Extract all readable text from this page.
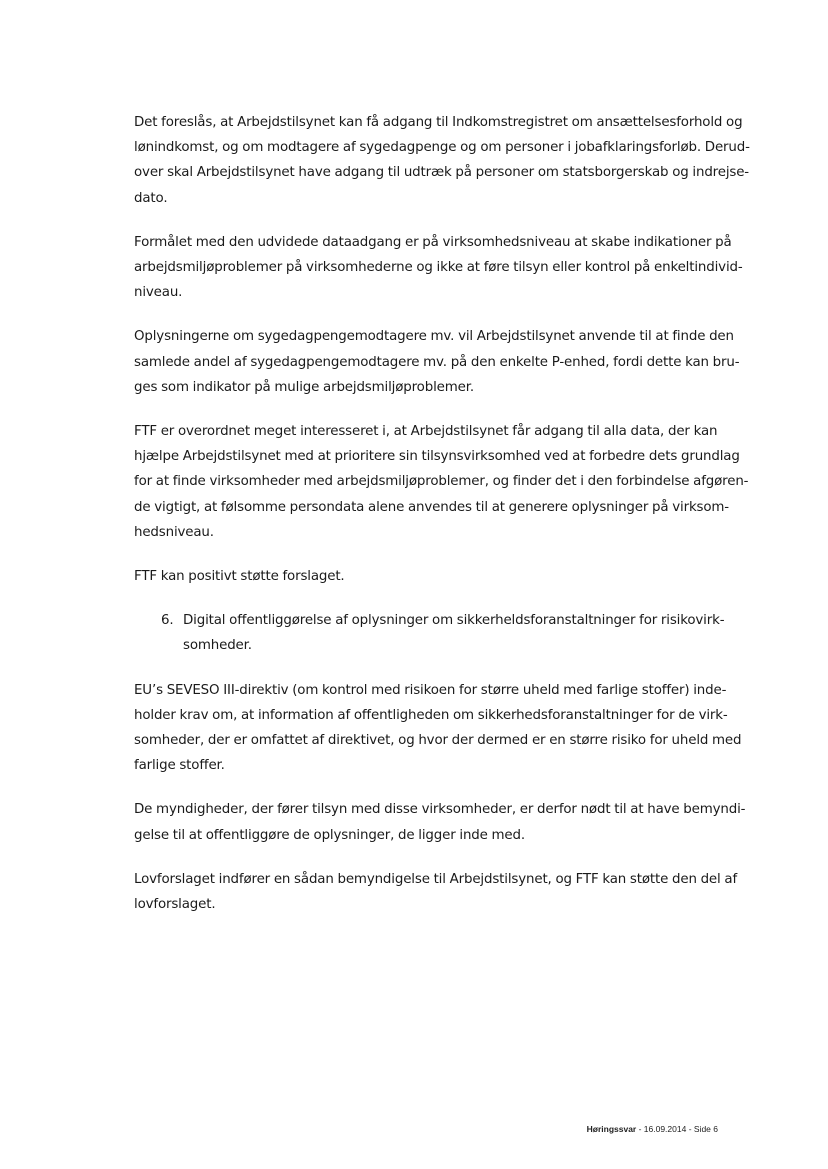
Det foreslås, at Arbejdstilsynet kan få adgang til Indkomstregistret om ansættelsesforhold og
lønindkomst, og om modtagere af sygedagpenge og om personer i jobafklaringsforløb. Derud-
over skal Arbejdstilsynet have adgang til udtræk på personer om statsborgerskab og indrejse-
dato.

Formålet med den udvidede dataadgang er på virksomhedsniveau at skabe indikationer på
arbejdsmiljøproblemer på virksomhederne og ikke at føre tilsyn eller kontrol på enkeltindivid-
niveau.

Oplysningerne om sygedagpengemodtagere mv. vil Arbejdstilsynet anvende til at finde den
samlede andel af sygedagpengemodtagere mv. på den enkelte P-enhed, fordi dette kan bru-
ges som indikator på mulige arbejdsmiljøproblemer.

FTF er overordnet meget interesseret i, at Arbejdstilsynet får adgang til alla data, der kan
hjælpe Arbejdstilsynet med at prioritere sin tilsynsvirksomhed ved at forbedre dets grundlag
for at finde virksomheder med arbejdsmiljøproblemer, og finder det i den forbindelse afgøren-
de vigtigt, at følsomme persondata alene anvendes til at generere oplysninger på virksom-
hedsniveau.

FTF kan positivt støtte forslaget.

6. Digital offentliggørelse af oplysninger om sikkerheldsforanstaltninger for risikovirk-
somheder.

EU’s SEVESO III-direktiv (om kontrol med risikoen for større uheld med farlige stoffer) inde-
holder krav om, at information af offentligheden om sikkerhedsforanstaltninger for de virk-
somheder, der er omfattet af direktivet, og hvor der dermed er en større risiko for uheld med
farlige stoffer.

De myndigheder, der fører tilsyn med disse virksomheder, er derfor nødt til at have bemyndi-
gelse til at offentliggøre de oplysninger, de ligger inde med.

Lovforslaget indfører en sådan bemyndigelse til Arbejdstilsynet, og FTF kan støtte den del af
lovforslaget.

Høringssvar - 16.09.2014 - Side 6
